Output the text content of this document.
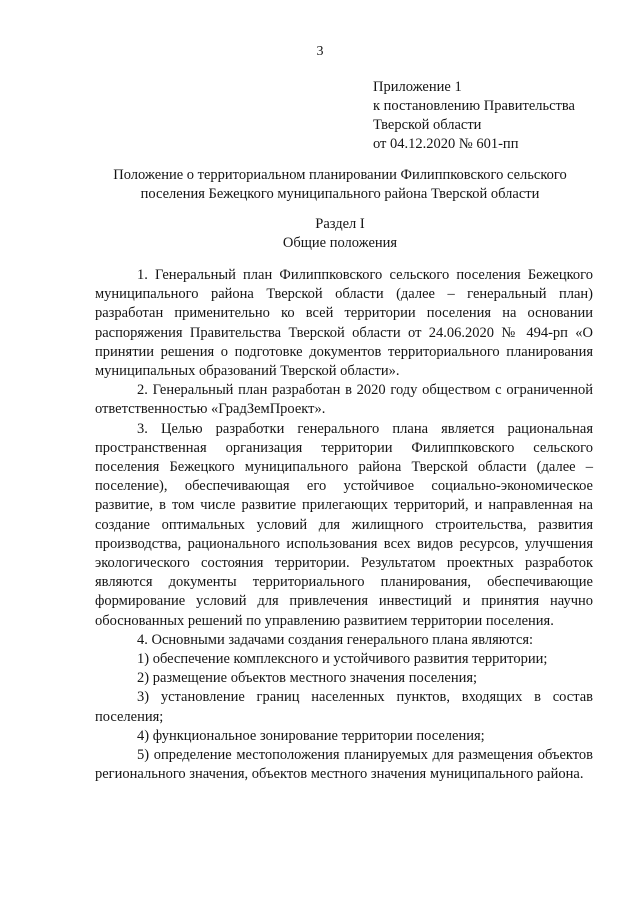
3
Приложение 1
к постановлению Правительства
Тверской области
от 04.12.2020 № 601-пп
Положение о территориальном планировании Филиппковского сельского
поселения Бежецкого муниципального района Тверской области
Раздел I
Общие положения

1. Генеральный план Филиппковского сельского поселения Бежецкого муниципального района Тверской области (далее – генеральный план) разработан применительно ко всей территории поселения на основании распоряжения Правительства Тверской области от 24.06.2020 № 494-рп «О принятии решения о подготовке документов территориального планирования муниципальных образований Тверской области».

2. Генеральный план разработан в 2020 году обществом с ограниченной ответственностью «ГрадЗемПроект».

3. Целью разработки генерального плана является рациональная пространственная организация территории Филиппковского сельского поселения Бежецкого муниципального района Тверской области (далее – поселение), обеспечивающая его устойчивое социально-экономическое развитие, в том числе развитие прилегающих территорий, и направленная на создание оптимальных условий для жилищного строительства, развития производства, рационального использования всех видов ресурсов, улучшения экологического состояния территории. Результатом проектных разработок являются документы территориального планирования, обеспечивающие формирование условий для привлечения инвестиций и принятия научно обоснованных решений по управлению развитием территории поселения.

4. Основными задачами создания генерального плана являются:

1) обеспечение комплексного и устойчивого развития территории;

2) размещение объектов местного значения поселения;

3) установление границ населенных пунктов, входящих в состав поселения;

4) функциональное зонирование территории поселения;

5) определение местоположения планируемых для размещения объектов регионального значения, объектов местного значения муниципального района.
